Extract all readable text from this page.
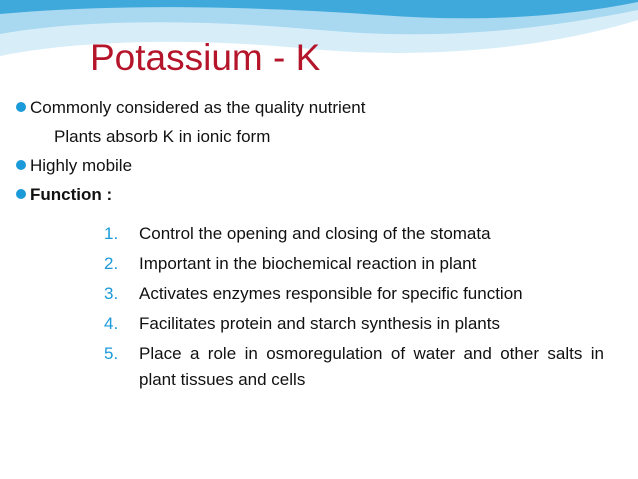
Potassium - K
Commonly considered as the quality nutrient
Plants absorb K in ionic form
Highly mobile
Function :
1. Control the opening and closing of the stomata
2. Important in the biochemical reaction in plant
3. Activates enzymes responsible for specific function
4. Facilitates protein and starch synthesis in plants
5. Place a role in osmoregulation of water and other salts in plant tissues and cells
